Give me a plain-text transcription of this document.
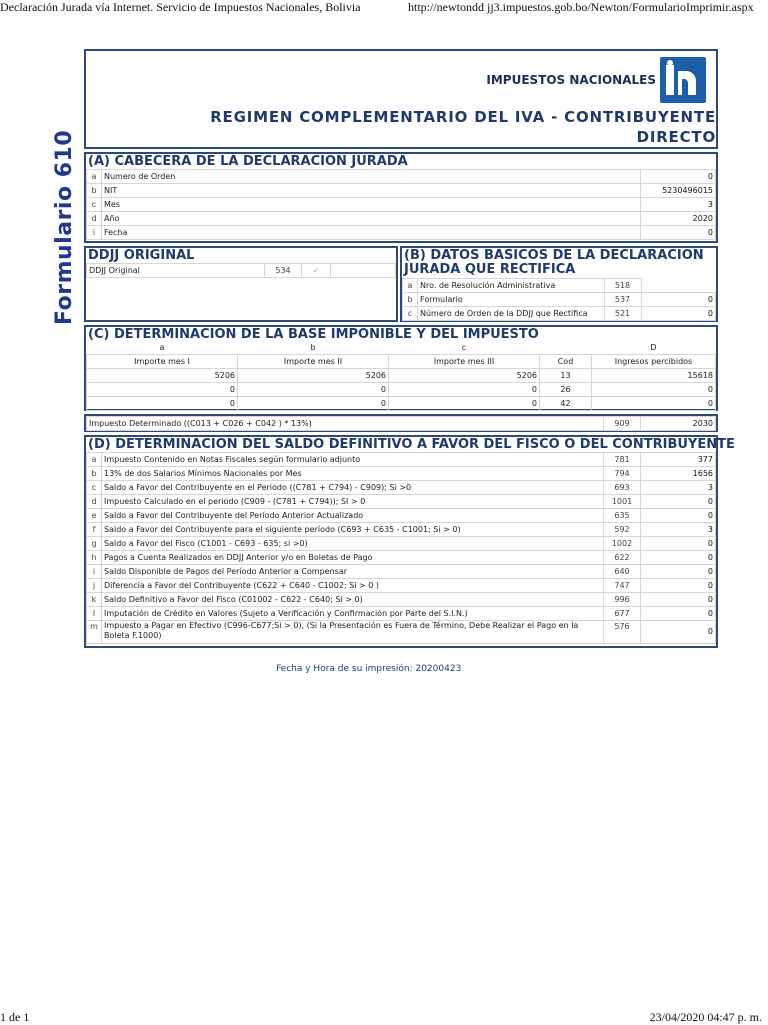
Declaración Jurada vía Internet. Servicio de Impuestos Nacionales, Bolivia	http://newtondd jj3.impuestos.gob.bo/Newton/FormularioImprimir.aspx
1 de 1	23/04/2020 04:47 p. m.
Formulario 610
IMPUESTOS NACIONALES
REGIMEN COMPLEMENTARIO DEL IVA - CONTRIBUYENTE
DIRECTO
(A) CABECERA DE LA DECLARACION JURADA
a	Numero de Orden	0
b	NIT	5230496015
c	Mes	3
d	Año	2020
i	Fecha	0
DDJJ ORIGINAL
DDJJ Original	534	✓	
(B) DATOS BASICOS DE LA DECLARACION
JURADA QUE RECTIFICA
a	Nro. de Resolución Administrativa	518	
b	Formulario	537	0
c	Número de Orden de la DDJJ que Rectifica	521	0
(C) DETERMINACION DE LA BASE IMPONIBLE Y DEL IMPUESTO
a	b	c		D
Importe mes I	Importe mes II	Importe mes III	Cod	Ingresos percibidos
5206	5206	5206	13	15618
0	0	0	26	0
0	0	0	42	0
Impuesto Determinado ((C013 + C026 + C042 ) * 13%)	909	2030
(D) DETERMINACION DEL SALDO DEFINITIVO A FAVOR DEL FISCO O DEL CONTRIBUYENTE
a	Impuesto Contenido en Notas Fiscales según formulario adjunto	781	377
b	13% de dos Salarios Mínimos Nacionales por Mes	794	1656
c	Saldo a Favor del Contribuyente en el Periodo ((C781 + C794) - C909); Si >0	693	3
d	Impuesto Calculado en el periodo (C909 - (C781 + C794)); SI > 0	1001	0
e	Saldo a Favor del Contribuyente del Período Anterior Actualizado	635	0
f	Saldo a Favor del Contribuyente para el siguiente período (C693 + C635 - C1001; Si > 0)	592	3
g	Saldo a Favor del Fisco (C1001 - C693 - 635; si >0)	1002	0
h	Pagos a Cuenta Realizados en DDJJ Anterior y/o en Boletas de Pago	622	0
i	Saldo Disponible de Pagos del Período Anterior a Compensar	640	0
j	Diferencia a Favor del Contribuyente (C622 + C640 - C1002; Si > 0 )	747	0
k	Saldo Definitivo a Favor del Fisco (C01002 - C622 - C640; Si > 0)	996	0
l	Imputación de Crédito en Valores (Sujeto a Verificación y Confirmación por Parte del S.I.N.)	677	0
m	Impuesto a Pagar en Efectivo (C996-C677;Si > 0), (Si la Presentación es Fuera de Término, Debe Realizar el Pago en la Boleta F.1000)	576	0
Fecha y Hora de su impresión: 20200423
